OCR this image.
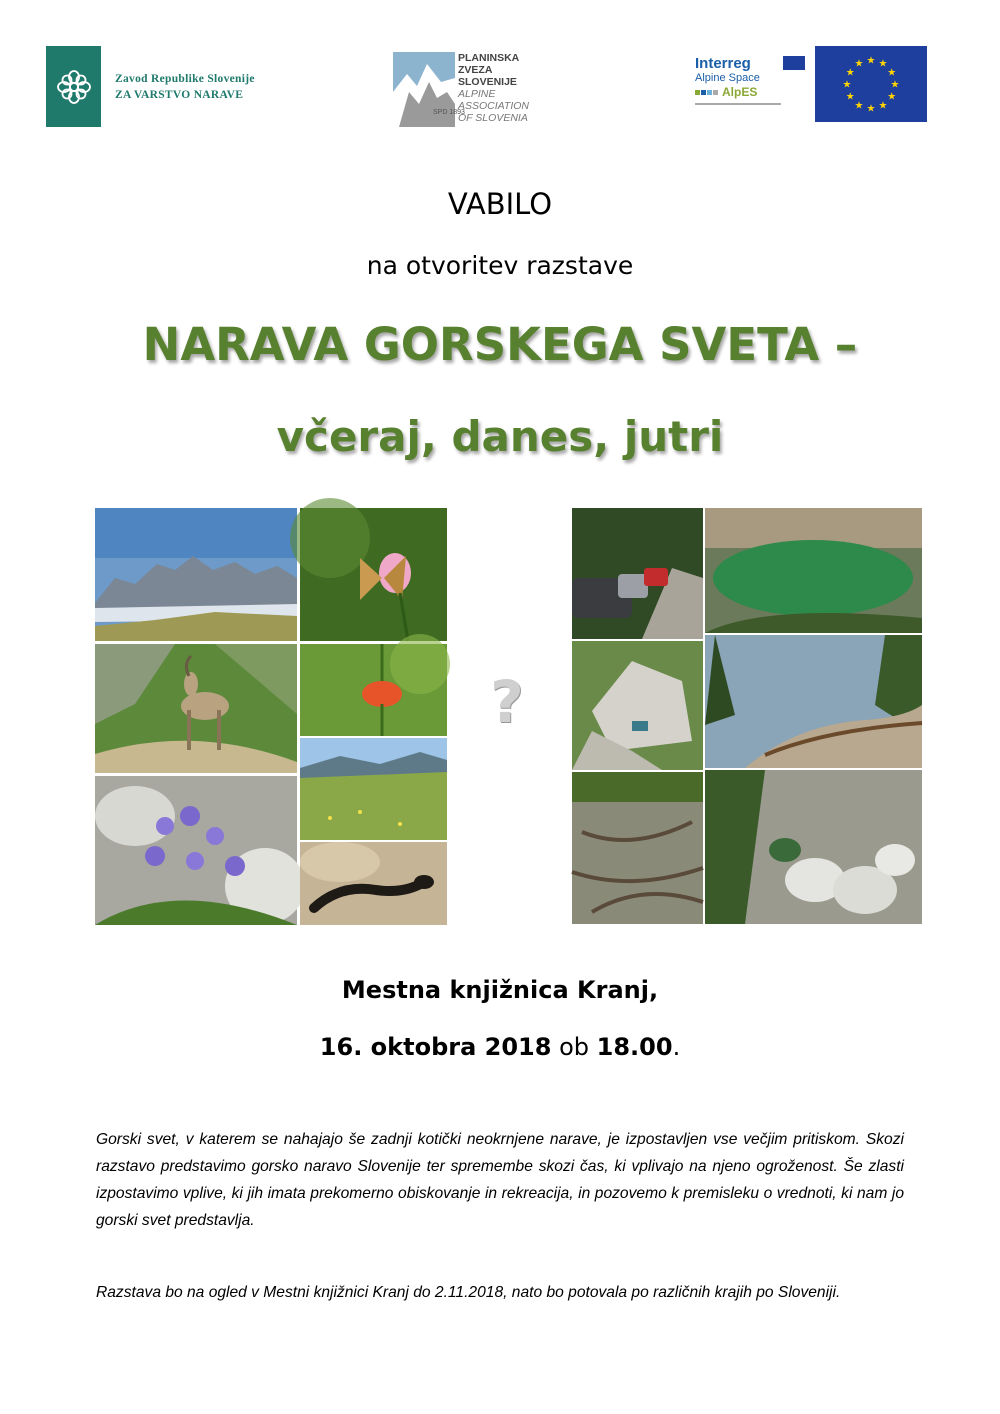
Zavod Republike Slovenije
ZA VARSTVO NARAVE
SPD 1893
PLANINSKA
ZVEZA
SLOVENIJE
ALPINE
ASSOCIATION
OF SLOVENIA
Interreg
Alpine Space
AlpES
★ ★
★
★
★
★
★
★
★
★
★
★
VABILO
na otvoritev razstave
NARAVA GORSKEGA SVETA –
včeraj, danes, jutri
?
Mestna knjižnica Kranj,
16. oktobra 2018 ob 18.00.
Gorski svet, v katerem se nahajajo še zadnji kotički neokrnjene narave, je izpostavljen vse večjim pritiskom. Skozi razstavo predstavimo gorsko naravo Slovenije ter spremembe skozi čas, ki vplivajo na njeno ogroženost. Še zlasti izpostavimo vplive, ki jih imata prekomerno obiskovanje in rekreacija, in pozovemo k premisleku o vrednoti, ki nam jo gorski svet predstavlja.
Razstava bo na ogled v Mestni knjižnici Kranj do 2.11.2018, nato bo potovala po različnih krajih po Sloveniji.
